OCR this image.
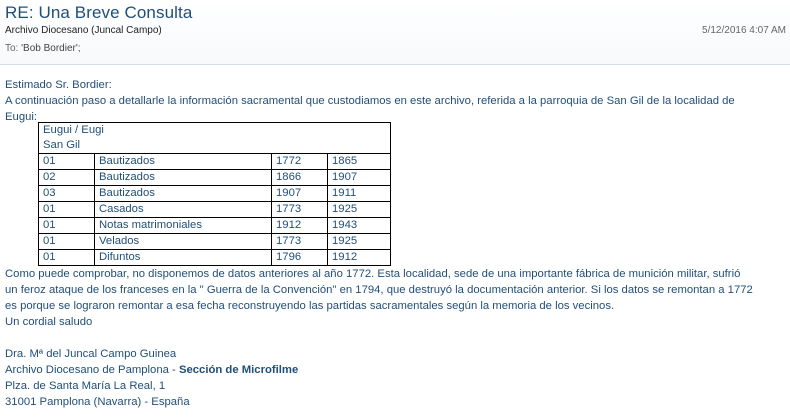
RE: Una Breve Consulta
Archivo Diocesano (Juncal Campo)	5/12/2016 4:07 AM
To: 'Bob Bordier';
Estimado Sr. Bordier:
A continuación paso a detallarle la información sacramental que custodiamos en este archivo, referida a la parroquia de San Gil de la localidad de
Eugui:
Eugui / Eugi
San Gil			

01	Bautizados	1772	1865
02	Bautizados	1866	1907
03	Bautizados	1907	1911
01	Casados	1773	1925
01	Notas matrimoniales	1912	1943
01	Velados	1773	1925
01	Difuntos	1796	1912
Como puede comprobar, no disponemos de datos anteriores al año 1772. Esta localidad, sede de una importante fábrica de munición militar, sufrió
un feroz ataque de los franceses en la " Guerra de la Convención" en 1794, que destruyó la documentación anterior. Si los datos se remontan a 1772
es porque se lograron remontar a esa fecha reconstruyendo las partidas sacramentales según la memoria de los vecinos.
Un cordial saludo
Dra. Mª del Juncal Campo Guinea
Archivo Diocesano de Pamplona - Sección de Microfilme
Plza. de Santa María La Real, 1
31001 Pamplona (Navarra) - España
